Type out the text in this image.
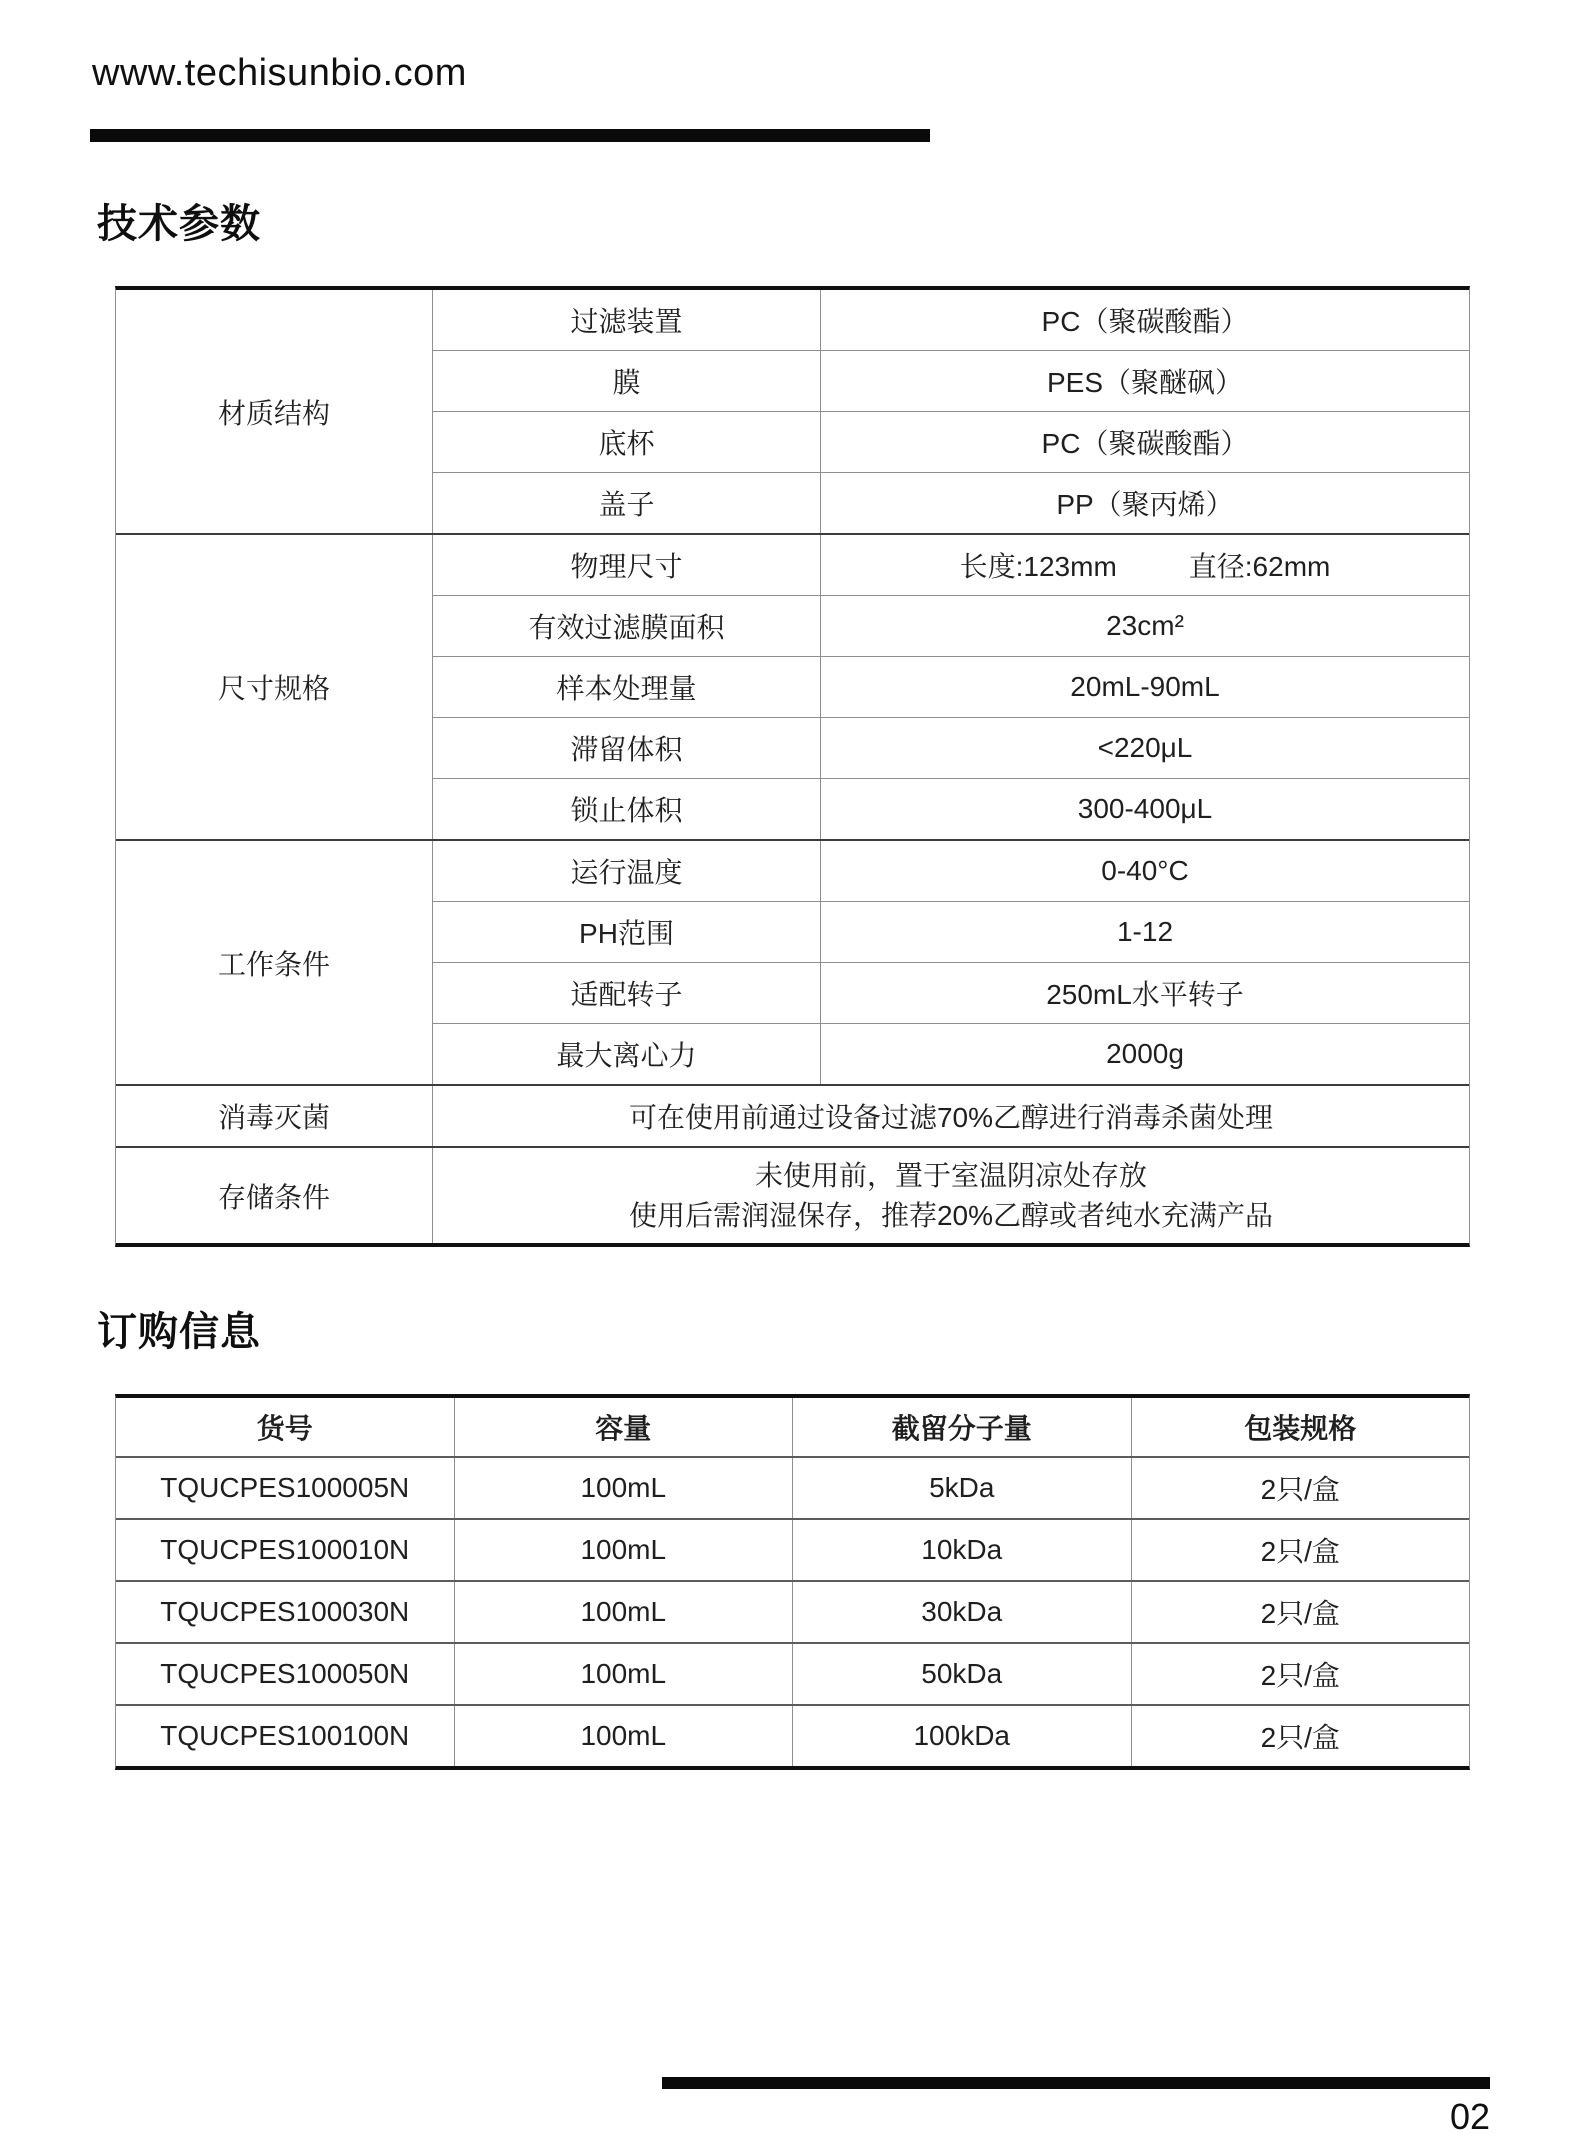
www.techisunbio.com
技术参数
材质结构
过滤装置	PC（聚碳酸酯）
膜	PES（聚醚砜）
底杯	PC（聚碳酸酯）
盖子	PP（聚丙烯）
尺寸规格
物理尺寸	长度:123mm	直径:62mm
有效过滤膜面积	23cm²
样本处理量	20mL-90mL
滞留体积	<220μL
锁止体积	300-400μL
工作条件
运行温度	0-40°C
PH范围	1-12
适配转子	250mL水平转子
最大离心力	2000g
消毒灭菌	可在使用前通过设备过滤70%乙醇进行消毒杀菌处理
存储条件
未使用前，置于室温阴凉处存放
使用后需润湿保存，推荐20%乙醇或者纯水充满产品
订购信息
货号	容量	截留分子量	包装规格
TQUCPES100005N	100mL	5kDa	2只/盒
TQUCPES100010N	100mL	10kDa	2只/盒
TQUCPES100030N	100mL	30kDa	2只/盒
TQUCPES100050N	100mL	50kDa	2只/盒
TQUCPES100100N	100mL	100kDa	2只/盒
02
